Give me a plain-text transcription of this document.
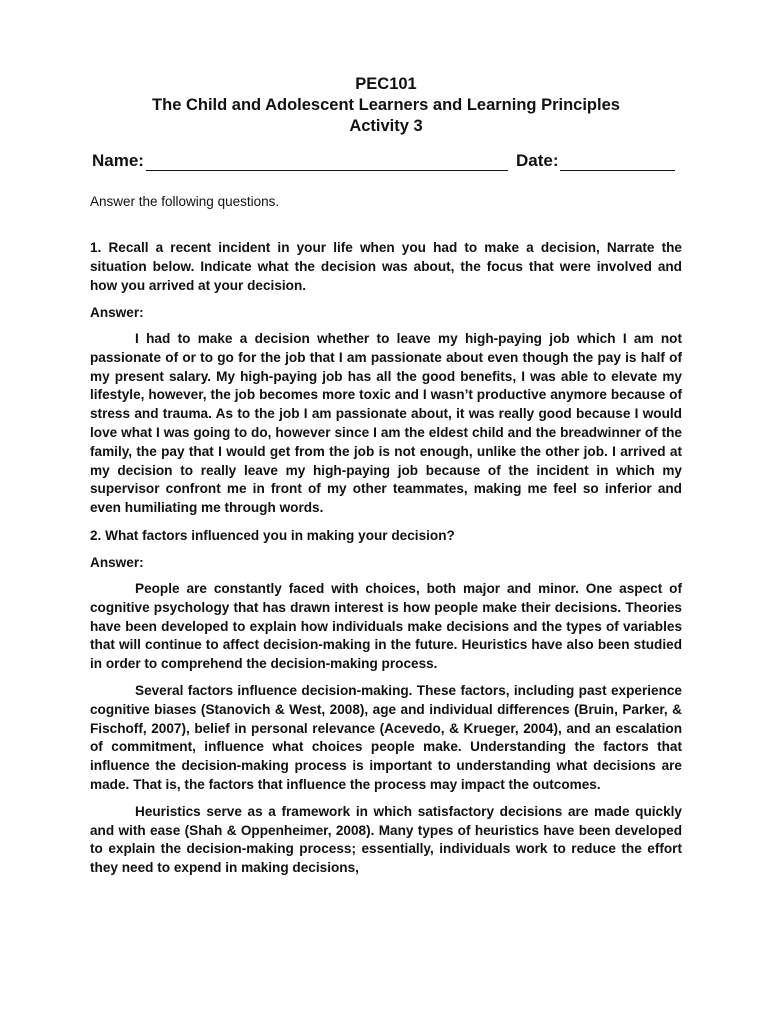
PEC101
The Child and Adolescent Learners and Learning Principles
Activity 3
Name:	Date:

Answer the following questions.

1. Recall a recent incident in your life when you had to make a decision, Narrate the situation below. Indicate what the decision was about, the focus that were involved and how you arrived at your decision.

Answer:

I had to make a decision whether to leave my high-paying job which I am not passionate of or to go for the job that I am passionate about even though the pay is half of my present salary. My high-paying job has all the good benefits, I was able to elevate my lifestyle, however, the job becomes more toxic and I wasn’t productive anymore because of stress and trauma. As to the job I am passionate about, it was really good because I would love what I was going to do, however since I am the eldest child and the breadwinner of the family, the pay that I would get from the job is not enough, unlike the other job. I arrived at my decision to really leave my high-paying job because of the incident in which my supervisor confront me in front of my other teammates, making me feel so inferior and even humiliating me through words.

2. What factors influenced you in making your decision?

Answer:

People are constantly faced with choices, both major and minor. One aspect of cognitive psychology that has drawn interest is how people make their decisions. Theories have been developed to explain how individuals make decisions and the types of variables that will continue to affect decision-making in the future. Heuristics have also been studied in order to comprehend the decision-making process.

Several factors influence decision-making. These factors, including past experience cognitive biases (Stanovich & West, 2008), age and individual differences (Bruin, Parker, & Fischoff, 2007), belief in personal relevance (Acevedo, & Krueger, 2004), and an escalation of commitment, influence what choices people make. Understanding the factors that influence the decision-making process is important to understanding what decisions are made. That is, the factors that influence the process may impact the outcomes.

Heuristics serve as a framework in which satisfactory decisions are made quickly and with ease (Shah & Oppenheimer, 2008). Many types of heuristics have been developed to explain the decision-making process; essentially, individuals work to reduce the effort they need to expend in making decisions,
